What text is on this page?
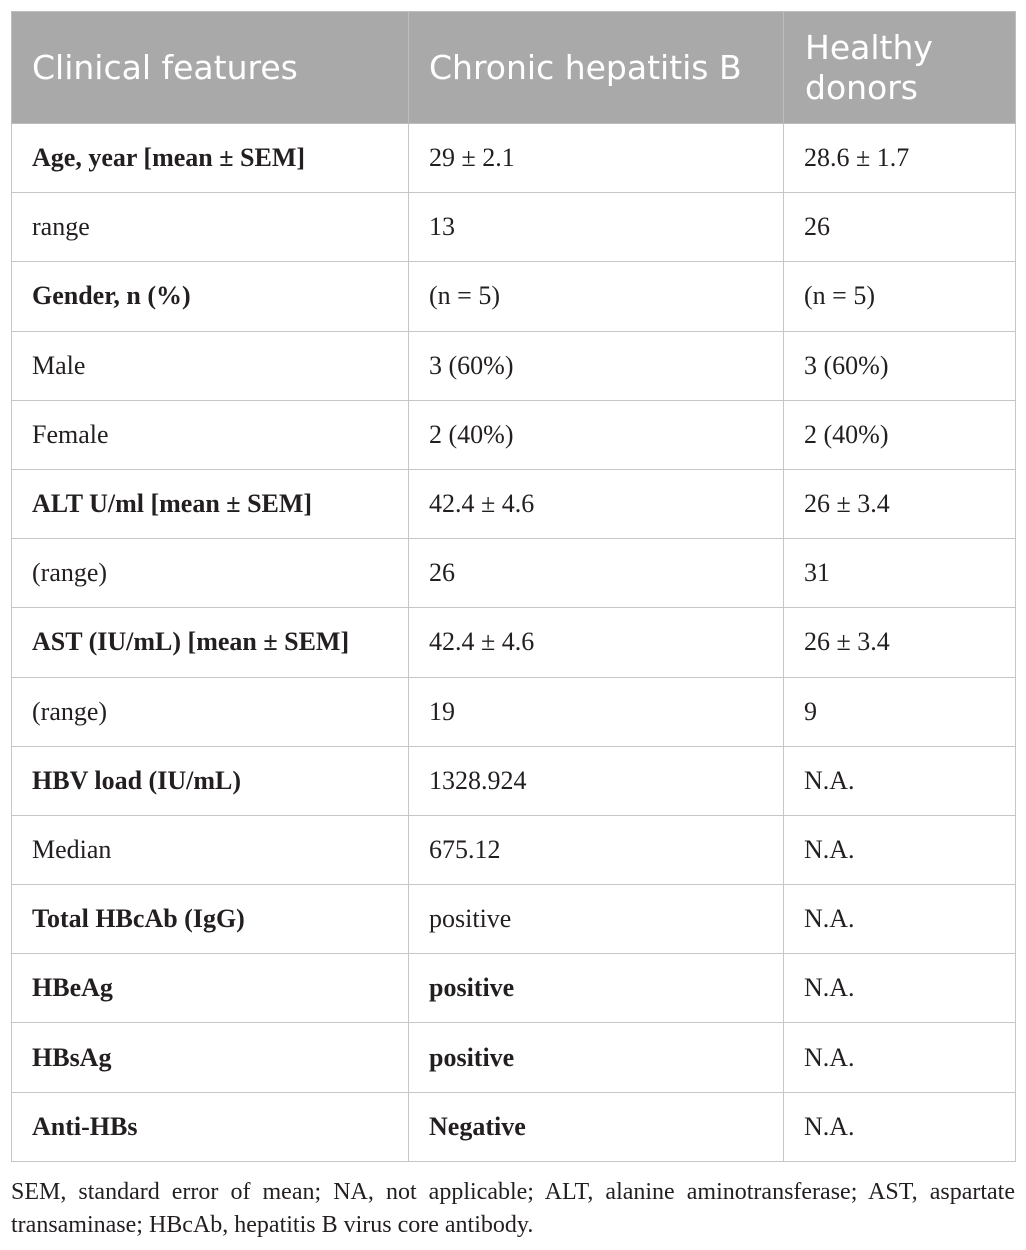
Clinical features	Chronic hepatitis B	Healthy donors
Age, year [mean ± SEM]	29 ± 2.1	28.6 ± 1.7
range	13	26
Gender, n (%)	(n = 5)	(n = 5)
Male	3 (60%)	3 (60%)
Female	2 (40%)	2 (40%)
ALT U/ml [mean ± SEM]	42.4 ± 4.6	26 ± 3.4
(range)	26	31
AST (IU/mL) [mean ± SEM]	42.4 ± 4.6	26 ± 3.4
(range)	19	9
HBV load (IU/mL)	1328.924	N.A.
Median	675.12	N.A.
Total HBcAb (IgG)	positive	N.A.
HBeAg	positive	N.A.
HBsAg	positive	N.A.
Anti-HBs	Negative	N.A.
SEM, standard error of mean; NA, not applicable; ALT, alanine aminotransferase; AST, aspartate transaminase; HBcAb, hepatitis B virus core antibody.
